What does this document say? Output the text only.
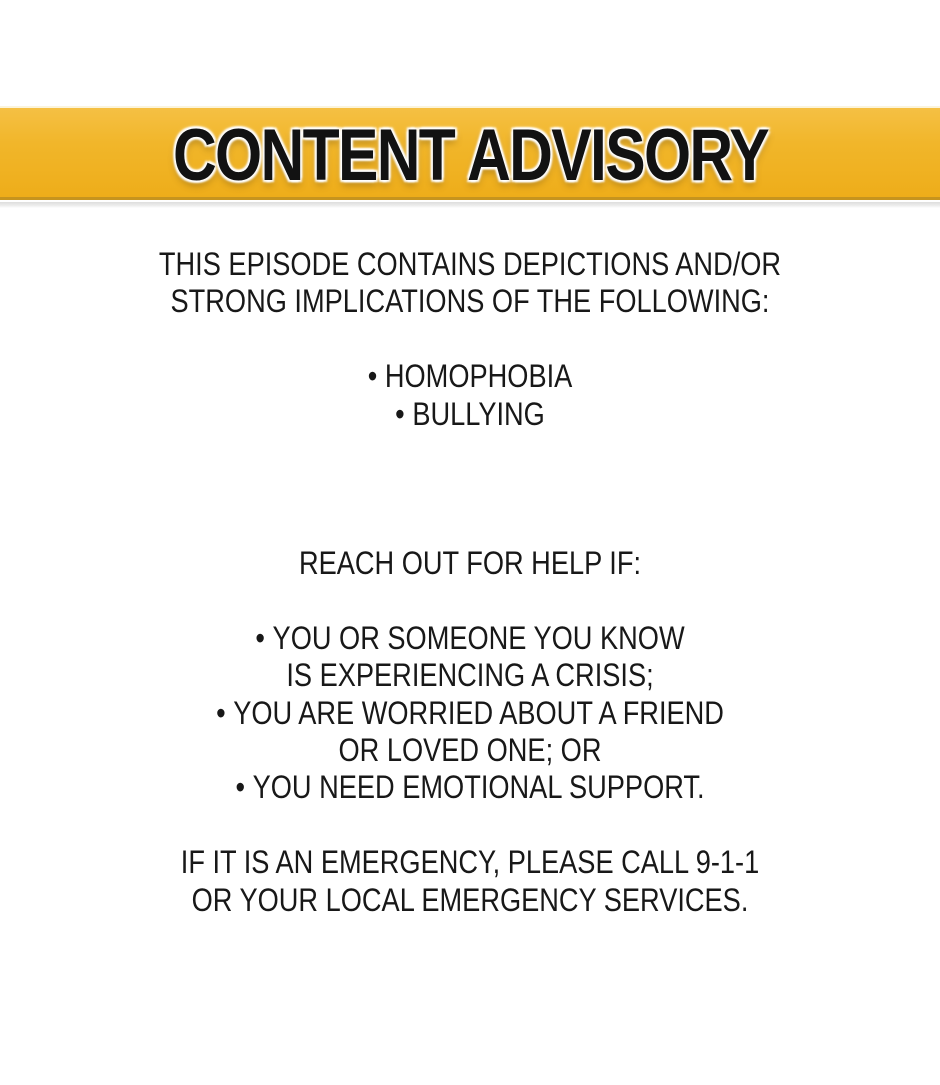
CONTENT ADVISORY
THIS EPISODE CONTAINS DEPICTIONS AND/OR
STRONG IMPLICATIONS OF THE FOLLOWING:
• HOMOPHOBIA
• BULLYING
REACH OUT FOR HELP IF:
• YOU OR SOMEONE YOU KNOW
IS EXPERIENCING A CRISIS;
• YOU ARE WORRIED ABOUT A FRIEND
OR LOVED ONE; OR
• YOU NEED EMOTIONAL SUPPORT.
IF IT IS AN EMERGENCY, PLEASE CALL 9-1-1
OR YOUR LOCAL EMERGENCY SERVICES.
